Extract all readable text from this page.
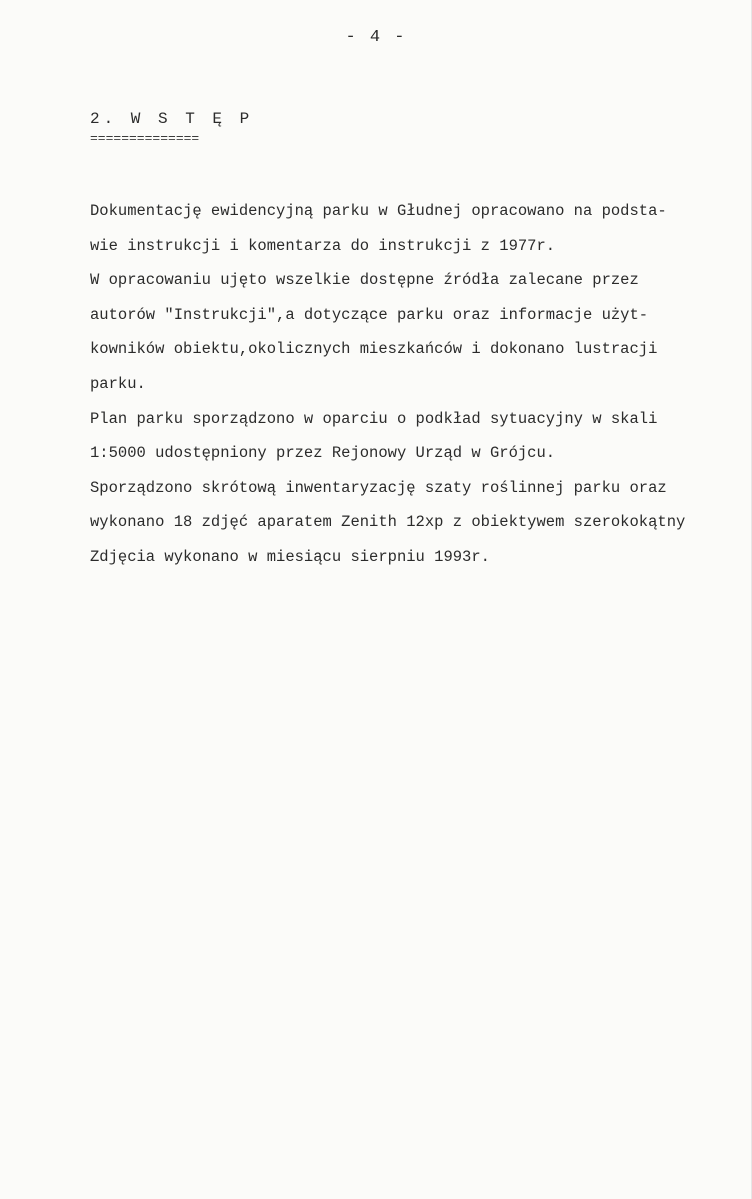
- 4 -
2. W S T Ę P
==============
Dokumentację ewidencyjną parku w Głudnej opracowano na podsta-
wie instrukcji i komentarza do instrukcji z 1977r.
W opracowaniu ujęto wszelkie dostępne źródła zalecane przez
autorów "Instrukcji",a dotyczące parku oraz informacje użyt-
kowników obiektu,okolicznych mieszkańców i dokonano lustracji
parku.
Plan parku sporządzono w oparciu o podkład sytuacyjny w skali
1:5000 udostępniony przez Rejonowy Urząd w Grójcu.
Sporządzono skrótową inwentaryzację szaty roślinnej parku oraz
wykonano 18 zdjęć aparatem Zenith 12xp z obiektywem szerokokątny
Zdjęcia wykonano w miesiącu sierpniu 1993r.
